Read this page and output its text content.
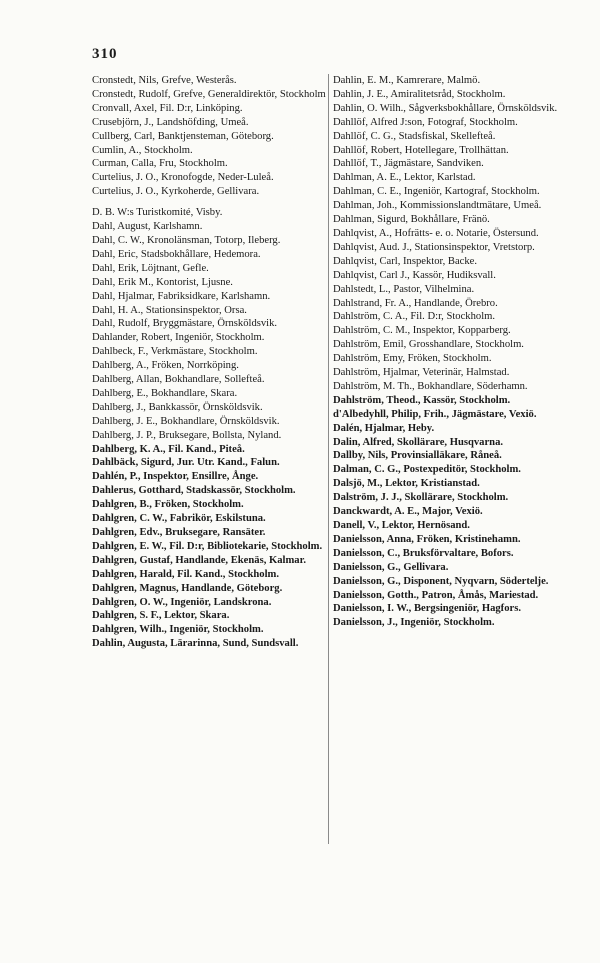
310
Cronstedt, Nils, Grefve, Westerås.
Cronstedt, Rudolf, Grefve, Generaldirektör, Stockholm
Cronvall, Axel, Fil. D:r, Linköping.
Crusebjörn, J., Landshöfding, Umeå.
Cullberg, Carl, Banktjensteman, Göteborg.
Cumlin, A., Stockholm.
Curman, Calla, Fru, Stockholm.
Curtelius, J. O., Kronofogde, Neder-Luleå.
Curtelius, J. O., Kyrkoherde, Gellivara.
D. B. W:s Turistkomité, Visby.
Dahl, August, Karlshamn.
Dahl, C. W., Kronolänsman, Totorp, Ileberg.
Dahl, Eric, Stadsbokhållare, Hedemora.
Dahl, Erik, Löjtnant, Gefle.
Dahl, Erik M., Kontorist, Ljusne.
Dahl, Hjalmar, Fabriksidkare, Karlshamn.
Dahl, H. A., Stationsinspektor, Orsa.
Dahl, Rudolf, Bryggmästare, Örnsköldsvik.
Dahlander, Robert, Ingeniör, Stockholm.
Dahlbeck, F., Verkmästare, Stockholm.
Dahlberg, A., Fröken, Norrköping.
Dahlberg, Allan, Bokhandlare, Sollefteå.
Dahlberg, E., Bokhandlare, Skara.
Dahlberg, J., Bankkassör, Örnsköldsvik.
Dahlberg, J. E., Bokhandlare, Örnsköldsvik.
Dahlberg, J. P., Bruksegare, Bollsta, Nyland.
Dahlberg, K. A., Fil. Kand., Piteå.
Dahlbäck, Sigurd, Jur. Utr. Kand., Falun.
Dahlén, P., Inspektor, Ensillre, Ånge.
Dahlerus, Gotthard, Stadskassör, Stockholm.
Dahlgren, B., Fröken, Stockholm.
Dahlgren, C. W., Fabrikör, Eskilstuna.
Dahlgren, Edv., Bruksegare, Ransäter.
Dahlgren, E. W., Fil. D:r, Bibliotekarie, Stockholm.
Dahlgren, Gustaf, Handlande, Ekenäs, Kalmar.
Dahlgren, Harald, Fil. Kand., Stockholm.
Dahlgren, Magnus, Handlande, Göteborg.
Dahlgren, O. W., Ingeniör, Landskrona.
Dahlgren, S. F., Lektor, Skara.
Dahlgren, Wilh., Ingeniör, Stockholm.
Dahlin, Augusta, Lärarinna, Sund, Sundsvall.
Dahlin, E. M., Kamrerare, Malmö.
Dahlin, J. E., Amiralitetsråd, Stockholm.
Dahlin, O. Wilh., Sågverksbokhållare, Örnsköldsvik.
Dahllöf, Alfred J:son, Fotograf, Stockholm.
Dahllöf, C. G., Stadsfiskal, Skellefteå.
Dahllöf, Robert, Hotellegare, Trollhättan.
Dahllöf, T., Jägmästare, Sandviken.
Dahlman, A. E., Lektor, Karlstad.
Dahlman, C. E., Ingeniör, Kartograf, Stockholm.
Dahlman, Joh., Kommissionslandtmätare, Umeå.
Dahlman, Sigurd, Bokhållare, Fränö.
Dahlqvist, A., Hofrätts- e. o. Notarie, Östersund.
Dahlqvist, Aud. J., Stationsinspektor, Vretstorp.
Dahlqvist, Carl, Inspektor, Backe.
Dahlqvist, Carl J., Kassör, Hudiksvall.
Dahlstedt, L., Pastor, Vilhelmina.
Dahlstrand, Fr. A., Handlande, Örebro.
Dahlström, C. A., Fil. D:r, Stockholm.
Dahlström, C. M., Inspektor, Kopparberg.
Dahlström, Emil, Grosshandlare, Stockholm.
Dahlström, Emy, Fröken, Stockholm.
Dahlström, Hjalmar, Veterinär, Halmstad.
Dahlström, M. Th., Bokhandlare, Söderhamn.
Dahlström, Theod., Kassör, Stockholm.
d'Albedyhll, Philip, Frih., Jägmästare, Vexiö.
Dalén, Hjalmar, Heby.
Dalin, Alfred, Skollärare, Husqvarna.
Dallby, Nils, Provinsialläkare, Råneå.
Dalman, C. G., Postexpeditör, Stockholm.
Dalsjö, M., Lektor, Kristianstad.
Dalström, J. J., Skollärare, Stockholm.
Danckwardt, A. E., Major, Vexiö.
Danell, V., Lektor, Hernösand.
Danielsson, Anna, Fröken, Kristinehamn.
Danielsson, C., Bruksförvaltare, Bofors.
Danielsson, G., Gellivara.
Danielsson, G., Disponent, Nyqvarn, Södertelje.
Danielsson, Gotth., Patron, Åmås, Mariestad.
Danielsson, I. W., Bergsingeniör, Hagfors.
Danielsson, J., Ingeniör, Stockholm.
